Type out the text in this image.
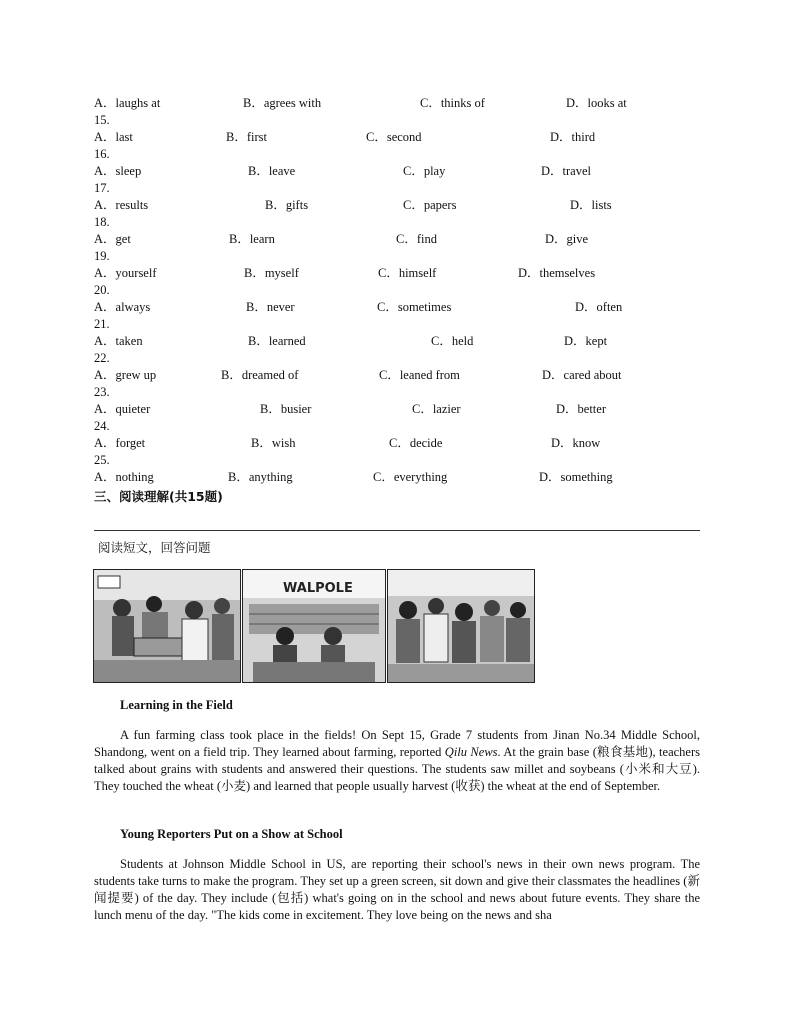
A．laughs at	B．agrees with	C．thinks of	D．looks at
15.
A．last	B．first	C．second	D．third
16.
A．sleep	B．leave	C．play	D．travel
17.
A．results	B．gifts	C．papers	D．lists
18.
A．get	B．learn	C．find	D．give
19.
A．yourself	B．myself	C．himself	D．themselves
20.
A．always	B．never	C．sometimes	D．often
21.
A．taken	B．learned	C．held	D．kept
22.
A．grew up	B．dreamed of	C．leaned from	D．cared about
23.
A．quieter	B．busier	C．lazier	D．better
24.
A．forget	B．wish	C．decide	D．know
25.
A．nothing	B．anything	C．everything	D．something
三、阅读理解(共15题)
阅读短文，回答问题
WALPOLE
Learning in the Field
A fun farming class took place in the fields! On Sept 15, Grade 7 students from Jinan No.34 Middle School, Shandong, went on a field trip. They learned about farming, reported Qilu News. At the grain base (粮食基地), teachers talked about grains with students and answered their questions. The students saw millet and soybeans (小米和大豆). They touched the wheat (小麦) and learned that people usually harvest (收获) the wheat at the end of September.
Young Reporters Put on a Show at School
Students at Johnson Middle School in US, are reporting their school's news in their own news program. The students take turns to make the program. They set up a green screen, sit down and give their classmates the headlines (新闻提要) of the day. They include (包括) what's going on in the school and news about future events. They share the lunch menu of the day. "The kids come in excitement. They love being on the news and sha
